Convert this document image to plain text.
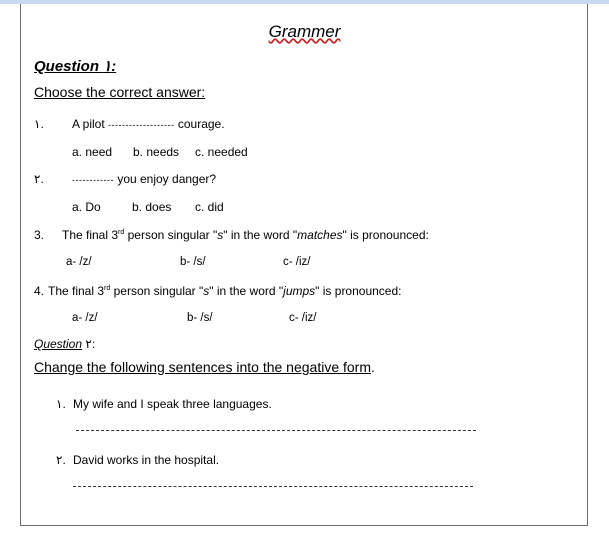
Grammer
Question ١:
Choose the correct answer:
١. A pilot ------------------- courage.
a. need b. needs c. needed
٢.	------------ you enjoy danger?
a. Do	b. does c. did
3. The final 3rd person singular "s" in the word "matches" is pronounced:
a- /z/	b- /s/	c- /iz/
4. The final 3rd person singular "s" in the word "jumps" is pronounced:
a- /z/	b- /s/	c- /iz/
Question ٢:
Change the following sentences into the negative form.
١. My wife and I speak three languages.
٢. David works in the hospital.
